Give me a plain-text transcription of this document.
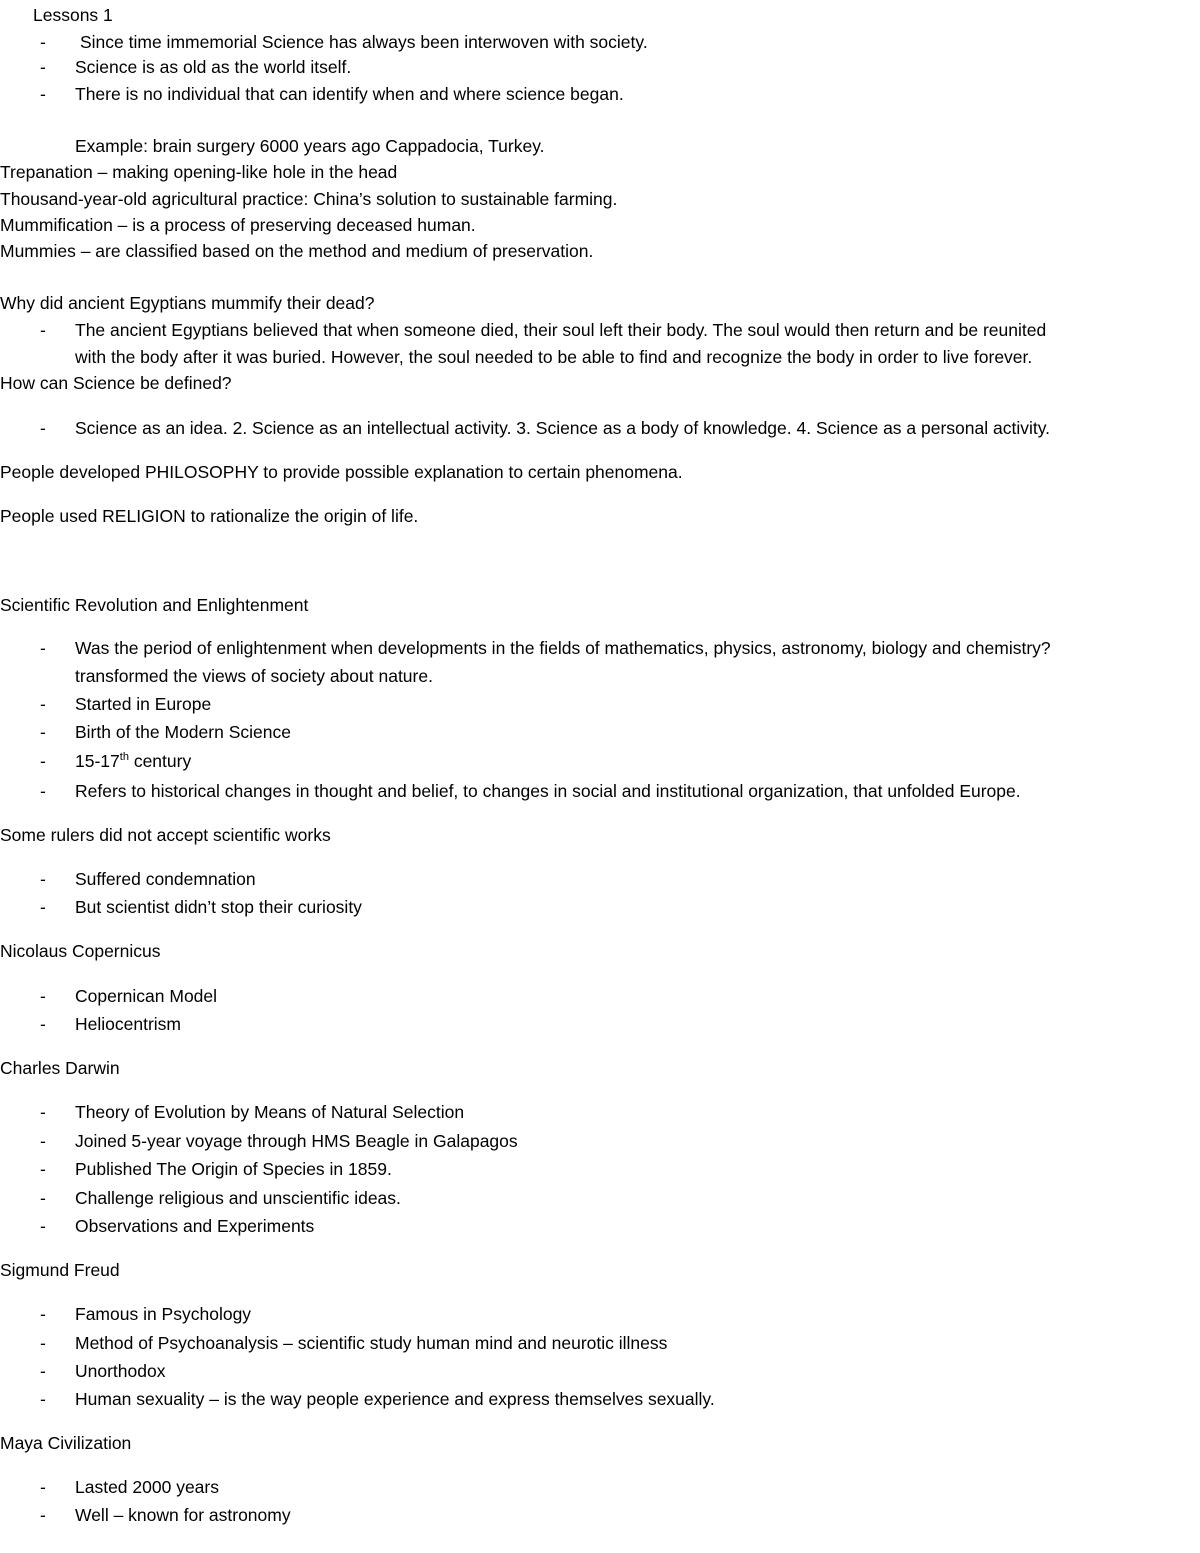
Lessons 1
-	Since time immemorial Science has always been interwoven with society.
-	Science is as old as the world itself.
-	There is no individual that can identify when and where science began.
Example: brain surgery 6000 years ago Cappadocia, Turkey.
Trepanation – making opening-like hole in the head
Thousand-year-old agricultural practice: China’s solution to sustainable farming.
Mummification – is a process of preserving deceased human.
Mummies – are classified based on the method and medium of preservation.
Why did ancient Egyptians mummify their dead?
-	The ancient Egyptians believed that when someone died, their soul left their body. The soul would then return and be reunited
with the body after it was buried. However, the soul needed to be able to find and recognize the body in order to live forever.
How can Science be defined?
-	Science as an idea. 2. Science as an intellectual activity. 3. Science as a body of knowledge. 4. Science as a personal activity.
People developed PHILOSOPHY to provide possible explanation to certain phenomena.
People used RELIGION to rationalize the origin of life.
Scientific Revolution and Enlightenment
-	Was the period of enlightenment when developments in the fields of mathematics, physics, astronomy, biology and chemistry?
transformed the views of society about nature.
-	Started in Europe
-	Birth of the Modern Science
-	15-17th century
-	Refers to historical changes in thought and belief, to changes in social and institutional organization, that unfolded Europe.
Some rulers did not accept scientific works
-	Suffered condemnation
-	But scientist didn’t stop their curiosity
Nicolaus Copernicus
-	Copernican Model
-	Heliocentrism
Charles Darwin
-	Theory of Evolution by Means of Natural Selection
-	Joined 5-year voyage through HMS Beagle in Galapagos
-	Published The Origin of Species in 1859.
-	Challenge religious and unscientific ideas.
-	Observations and Experiments
Sigmund Freud
-	Famous in Psychology
-	Method of Psychoanalysis – scientific study human mind and neurotic illness
-	Unorthodox
-	Human sexuality – is the way people experience and express themselves sexually.
Maya Civilization
-	Lasted 2000 years
-	Well – known for astronomy
